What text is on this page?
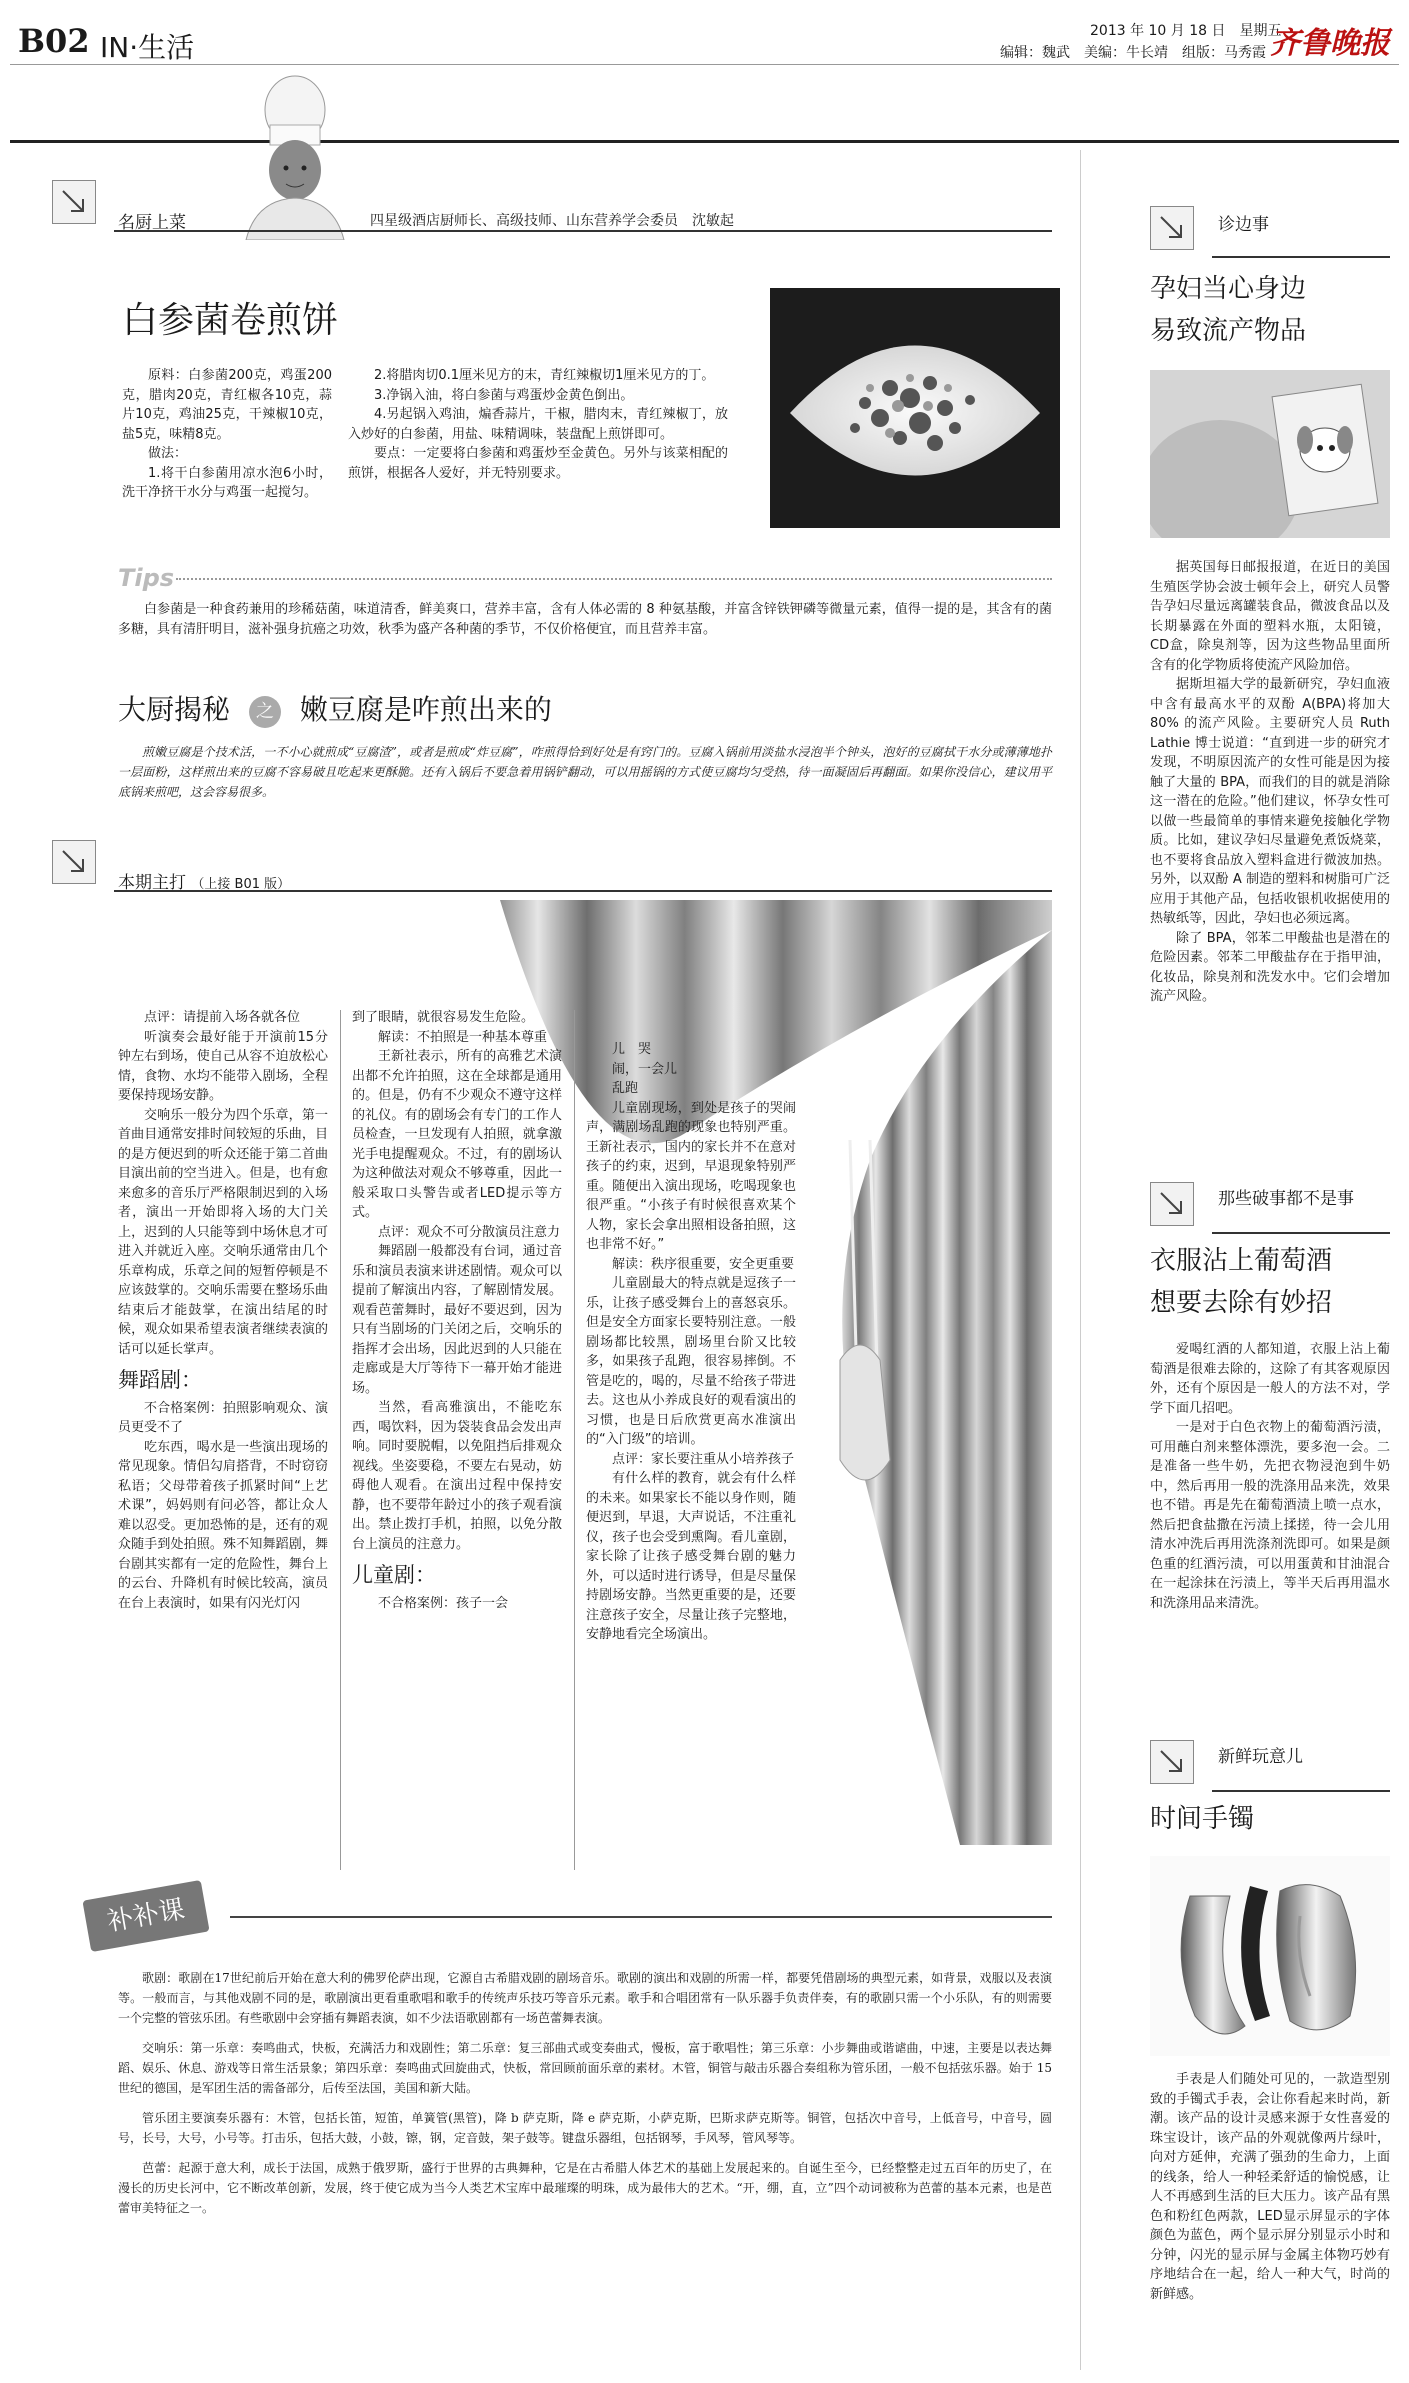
B02 IN·生活	2013 年 10 月 18 日　星期五
编辑：魏武　美编：牛长靖　组版：马秀霞 齐鲁晚报
名厨上菜	四星级酒店厨师长、高级技师、山东营养学会委员　沈敏起
白参菌卷煎饼

原料：白参菌200克，鸡蛋200克，腊肉20克，青红椒各10克，蒜片10克，鸡油25克，干辣椒10克，盐5克，味精8克。

做法：

1.将干白参菌用凉水泡6小时，洗干净挤干水分与鸡蛋一起搅匀。

2.将腊肉切0.1厘米见方的末，青红辣椒切1厘米见方的丁。

3.净锅入油，将白参菌与鸡蛋炒金黄色倒出。

4.另起锅入鸡油，煸香蒜片，干椒，腊肉末，青红辣椒丁，放入炒好的白参菌，用盐、味精调味，装盘配上煎饼即可。

要点：一定要将白参菌和鸡蛋炒至金黄色。另外与该菜相配的煎饼，根据各人爱好，并无特别要求。

Tips
白参菌是一种食药兼用的珍稀菇菌，味道清香，鲜美爽口，营养丰富，含有人体必需的 8 种氨基酸，并富含锌铁钾磷等微量元素，值得一提的是，其含有的菌多糖，具有清肝明目，滋补强身抗癌之功效，秋季为盛产各种菌的季节，不仅价格便宜，而且营养丰富。
大厨揭秘 之 嫩豆腐是咋煎出来的
煎嫩豆腐是个技术活，一不小心就煎成“豆腐渣”，或者是煎成“炸豆腐”，咋煎得恰到好处是有窍门的。豆腐入锅前用淡盐水浸泡半个钟头，泡好的豆腐拭干水分或薄薄地扑一层面粉，这样煎出来的豆腐不容易破且吃起来更酥脆。还有入锅后不要急着用锅铲翻动，可以用摇锅的方式使豆腐均匀受热，待一面凝固后再翻面。如果你没信心，建议用平底锅来煎吧，这会容易很多。
本期主打 （上接 B01 版）

点评：请提前入场各就各位

听演奏会最好能于开演前15分钟左右到场，使自己从容不迫放松心情，食物、水均不能带入剧场，全程要保持现场安静。

交响乐一般分为四个乐章，第一首曲目通常安排时间较短的乐曲，目的是方便迟到的听众还能于第二首曲目演出前的空当进入。但是，也有愈来愈多的音乐厅严格限制迟到的入场者，演出一开始即将入场的大门关上，迟到的人只能等到中场休息才可进入并就近入座。交响乐通常由几个乐章构成，乐章之间的短暂停顿是不应该鼓掌的。交响乐需要在整场乐曲结束后才能鼓掌，在演出结尾的时候，观众如果希望表演者继续表演的话可以延长掌声。

舞蹈剧：

不合格案例：拍照影响观众、演员更受不了

吃东西，喝水是一些演出现场的常见现象。情侣勾肩搭背，不时窃窃私语；父母带着孩子抓紧时间“上艺术课”，妈妈则有问必答，都让众人难以忍受。更加恐怖的是，还有的观众随手到处拍照。殊不知舞蹈剧，舞台剧其实都有一定的危险性，舞台上的云台、升降机有时候比较高，演员在台上表演时，如果有闪光灯闪

到了眼睛，就很容易发生危险。

解读：不拍照是一种基本尊重

王新社表示，所有的高雅艺术演出都不允许拍照，这在全球都是通用的。但是，仍有不少观众不遵守这样的礼仪。有的剧场会有专门的工作人员检查，一旦发现有人拍照，就拿激光手电提醒观众。不过，有的剧场认为这种做法对观众不够尊重，因此一般采取口头警告或者LED提示等方式。

点评：观众不可分散演员注意力

舞蹈剧一般都没有台词，通过音乐和演员表演来讲述剧情。观众可以提前了解演出内容，了解剧情发展。观看芭蕾舞时，最好不要迟到，因为只有当剧场的门关闭之后，交响乐的指挥才会出场，因此迟到的人只能在走廊或是大厅等待下一幕开始才能进场。

当然，看高雅演出，不能吃东西，喝饮料，因为袋装食品会发出声响。同时要脱帽，以免阻挡后排观众视线。坐姿要稳，不要左右晃动，妨碍他人观看。在演出过程中保持安静，也不要带年龄过小的孩子观看演出。禁止拨打手机，拍照，以免分散台上演员的注意力。

儿童剧：

不合格案例：孩子一会

儿　哭

闹，一会儿

乱跑

儿童剧现场，到处是孩子的哭闹声，满剧场乱跑的现象也特别严重。王新社表示，国内的家长并不在意对孩子的约束，迟到，早退现象特别严重。随便出入演出现场，吃喝现象也很严重。“小孩子有时候很喜欢某个人物，家长会拿出照相设备拍照，这也非常不好。”

解读：秩序很重要，安全更重要

儿童剧最大的特点就是逗孩子一乐，让孩子感受舞台上的喜怒哀乐。但是安全方面家长要特别注意。一般剧场都比较黑，剧场里台阶又比较多，如果孩子乱跑，很容易摔倒。不管是吃的，喝的，尽量不给孩子带进去。这也从小养成良好的观看演出的习惯，也是日后欣赏更高水准演出的“入门级”的培训。

点评：家长要注重从小培养孩子

有什么样的教育，就会有什么样的未来。如果家长不能以身作则，随便迟到，早退，大声说话，不注重礼仪，孩子也会受到熏陶。看儿童剧，家长除了让孩子感受舞台剧的魅力外，可以适时进行诱导，但是尽量保持剧场安静。当然更重要的是，还要注意孩子安全，尽量让孩子完整地，安静地看完全场演出。

补补课

歌剧：歌剧在17世纪前后开始在意大利的佛罗伦萨出现，它源自古希腊戏剧的剧场音乐。歌剧的演出和戏剧的所需一样，都要凭借剧场的典型元素，如背景，戏服以及表演等。一般而言，与其他戏剧不同的是，歌剧演出更看重歌唱和歌手的传统声乐技巧等音乐元素。歌手和合唱团常有一队乐器手负责伴奏，有的歌剧只需一个小乐队，有的则需要一个完整的管弦乐团。有些歌剧中会穿插有舞蹈表演，如不少法语歌剧都有一场芭蕾舞表演。

交响乐：第一乐章：奏鸣曲式，快板，充满活力和戏剧性；第二乐章：复三部曲式或变奏曲式，慢板，富于歌唱性；第三乐章：小步舞曲或谐谑曲，中速，主要是以表达舞蹈、娱乐、休息、游戏等日常生活景象；第四乐章：奏鸣曲式回旋曲式，快板，常回顾前面乐章的素材。木管，铜管与敲击乐器合奏组称为管乐团，一般不包括弦乐器。始于 15 世纪的德国，是军团生活的需备部分，后传至法国，美国和新大陆。

管乐团主要演奏乐器有：木管，包括长笛，短笛，单簧管(黑管)，降 b 萨克斯，降 e 萨克斯，小萨克斯，巴斯求萨克斯等。铜管，包括次中音号，上低音号，中音号，圆号，长号，大号，小号等。打击乐，包括大鼓，小鼓，镲，钢，定音鼓，架子鼓等。键盘乐器组，包括钢琴，手风琴，管风琴等。

芭蕾：起源于意大利，成长于法国，成熟于俄罗斯，盛行于世界的古典舞种，它是在古希腊人体艺术的基础上发展起来的。自诞生至今，已经整整走过五百年的历史了，在漫长的历史长河中，它不断改革创新，发展，终于使它成为当今人类艺术宝库中最璀璨的明珠，成为最伟大的艺术。“开，绷，直，立”四个动词被称为芭蕾的基本元素，也是芭蕾审美特征之一。

诊边事
孕妇当心身边
易致流产物品

据英国每日邮报报道，在近日的美国生殖医学协会波士顿年会上，研究人员警告孕妇尽量远离罐装食品，微波食品以及长期暴露在外面的塑料水瓶，太阳镜，CD盒，除臭剂等，因为这些物品里面所含有的化学物质将使流产风险加倍。

据斯坦福大学的最新研究，孕妇血液中含有最高水平的双酚 A(BPA)将加大 80% 的流产风险。主要研究人员 Ruth Lathie 博士说道：“直到进一步的研究才发现，不明原因流产的女性可能是因为接触了大量的 BPA，而我们的目的就是消除这一潜在的危险。”他们建议，怀孕女性可以做一些最简单的事情来避免接触化学物质。比如，建议孕妇尽量避免煮饭烧菜，也不要将食品放入塑料盒进行微波加热。另外，以双酚 A 制造的塑料和树脂可广泛应用于其他产品，包括收银机收据使用的热敏纸等，因此，孕妇也必须远离。

除了 BPA，邻苯二甲酸盐也是潜在的危险因素。邻苯二甲酸盐存在于指甲油，化妆品，除臭剂和洗发水中。它们会增加流产风险。

那些破事都不是事
衣服沾上葡萄酒
想要去除有妙招

爱喝红酒的人都知道，衣服上沾上葡萄酒是很难去除的，这除了有其客观原因外，还有个原因是一般人的方法不对，学学下面几招吧。

一是对于白色衣物上的葡萄酒污渍，可用蘸白剂来整体漂洗，要多泡一会。二是准备一些牛奶，先把衣物浸泡到牛奶中，然后再用一般的洗涤用品来洗，效果也不错。再是先在葡萄酒渍上喷一点水，然后把食盐撒在污渍上揉搓，待一会儿用清水冲洗后再用洗涤剂洗即可。如果是颜色重的红酒污渍，可以用蛋黄和甘油混合在一起涂抹在污渍上，等半天后再用温水和洗涤用品来清洗。

新鲜玩意儿
时间手镯
手表是人们随处可见的，一款造型别致的手镯式手表，会让你看起来时尚，新潮。该产品的设计灵感来源于女性喜爱的珠宝设计，该产品的外观就像两片绿叶，向对方延伸，充满了强劲的生命力，上面的线条，给人一种轻柔舒适的愉悦感，让人不再感到生活的巨大压力。该产品有黑色和粉红色两款，LED显示屏显示的字体颜色为蓝色，两个显示屏分别显示小时和分钟，闪光的显示屏与金属主体物巧妙有序地结合在一起，给人一种大气，时尚的新鲜感。
